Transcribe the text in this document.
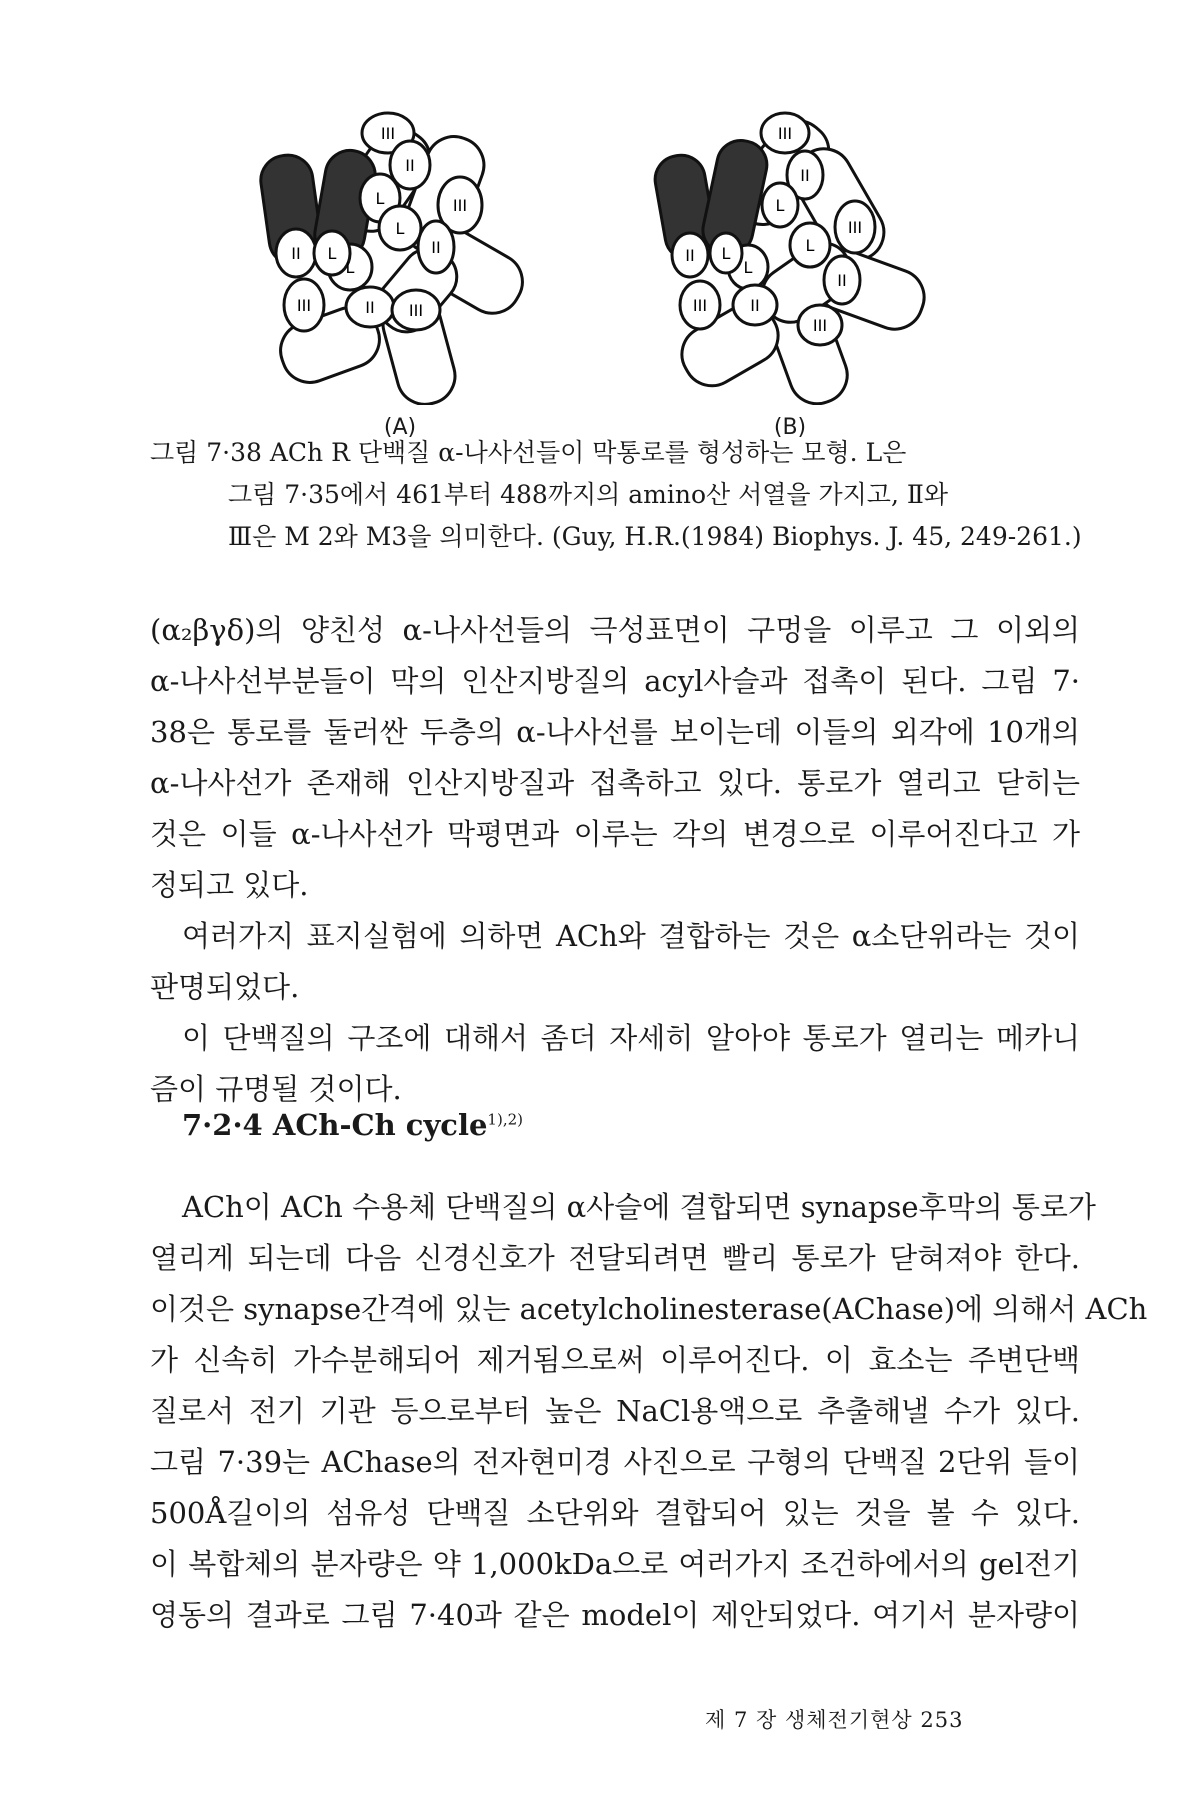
III
II
L	III
L
II
L
II L
III	II III
(A)
III
II
L
III
L
II
L
II L
III	II
III
(B)
그림 7·38 ACh R 단백질 α-나사선들이 막통로를 형성하는 모형. L은
그림 7·35에서 461부터 488까지의 amino산 서열을 가지고, Ⅱ와
Ⅲ은 M 2와 M3을 의미한다. (Guy, H.R.(1984) Biophys. J. 45, 249-261.)
(α₂βγδ)의 양친성 α-나사선들의 극성표면이 구멍을 이루고 그 이외의
α-나사선부분들이 막의 인산지방질의 acyl사슬과 접촉이 된다. 그림 7·
38은 통로를 둘러싼 두층의 α-나사선를 보이는데 이들의 외각에 10개의
α-나사선가 존재해 인산지방질과 접촉하고 있다. 통로가 열리고 닫히는
것은 이들 α-나사선가 막평면과 이루는 각의 변경으로 이루어진다고 가
정되고 있다.
여러가지 표지실험에 의하면 ACh와 결합하는 것은 α소단위라는 것이
판명되었다.
이 단백질의 구조에 대해서 좀더 자세히 알아야 통로가 열리는 메카니
즘이 규명될 것이다.
7·2·4 ACh-Ch cycle$^{1),2)}$
ACh이 ACh 수용체 단백질의 α사슬에 결합되면 synapse후막의 통로가
열리게 되는데 다음 신경신호가 전달되려면 빨리 통로가 닫혀져야 한다.
이것은 synapse간격에 있는 acetylcholinesterase(AChase)에 의해서 ACh
가 신속히 가수분해되어 제거됨으로써 이루어진다. 이 효소는 주변단백
질로서 전기 기관 등으로부터 높은 NaCl용액으로 추출해낼 수가 있다.
그림 7·39는 AChase의 전자현미경 사진으로 구형의 단백질 2단위 들이
500Å길이의 섬유성 단백질 소단위와 결합되어 있는 것을 볼 수 있다.
이 복합체의 분자량은 약 1,000kDa으로 여러가지 조건하에서의 gel전기
영동의 결과로 그림 7·40과 같은 model이 제안되었다. 여기서 분자량이
제 7 장 생체전기현상 253
